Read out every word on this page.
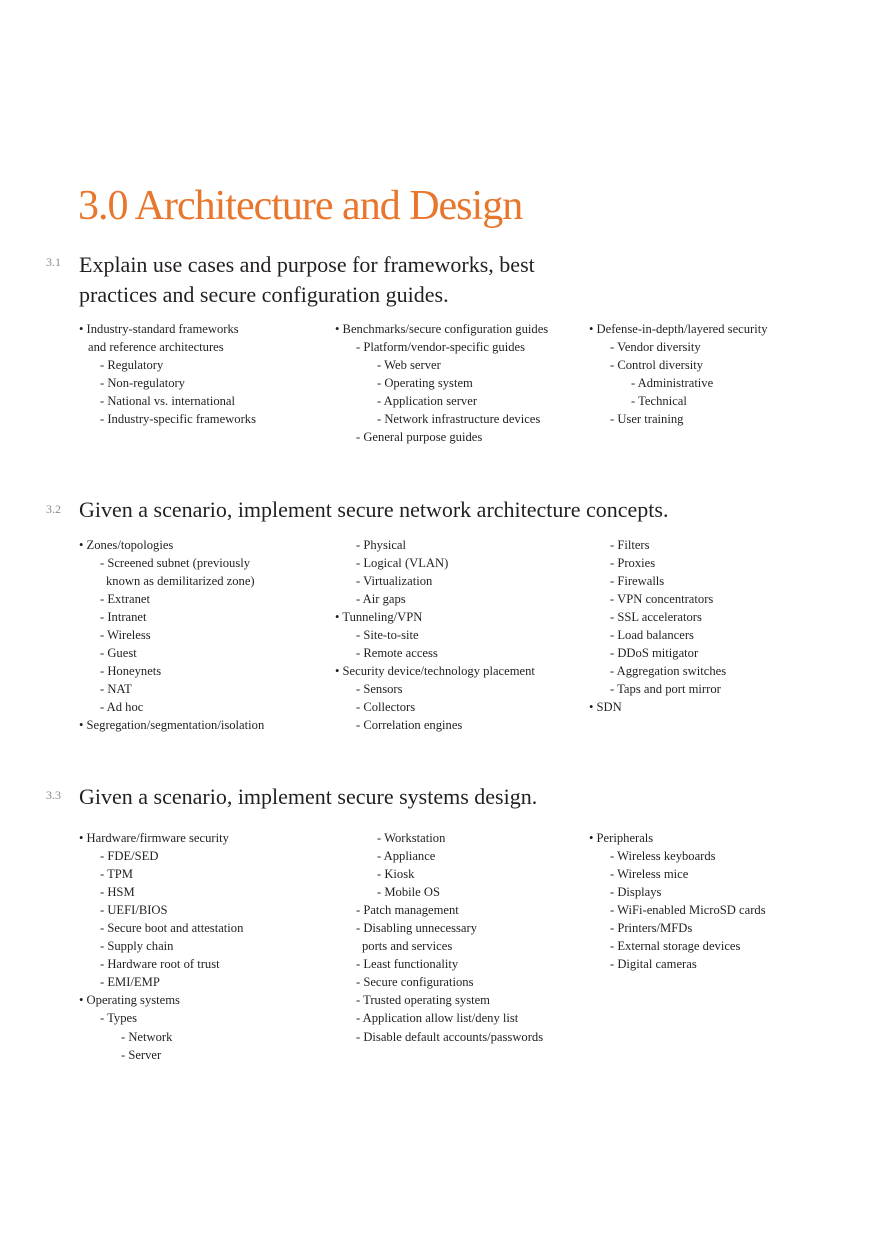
3.0 Architecture and Design
3.1 Explain use cases and purpose for frameworks, best
practices and secure configuration guides.
• Industry-standard frameworks
and reference architectures
- Regulatory
- Non-regulatory
- National vs. international
- Industry-specific frameworks
• Benchmarks/secure configuration guides
- Platform/vendor-specific guides
- Web server
- Operating system
- Application server
- Network infrastructure devices
- General purpose guides
• Defense-in-depth/layered security
- Vendor diversity
- Control diversity
- Administrative
- Technical
- User training
3.2 Given a scenario, implement secure network architecture concepts.
• Zones/topologies
- Screened subnet (previously
known as demilitarized zone)
- Extranet
- Intranet
- Wireless
- Guest
- Honeynets
- NAT
- Ad hoc
• Segregation/segmentation/isolation
- Physical
- Logical (VLAN)
- Virtualization
- Air gaps
• Tunneling/VPN
- Site-to-site
- Remote access
• Security device/technology placement
- Sensors
- Collectors
- Correlation engines
- Filters
- Proxies
- Firewalls
- VPN concentrators
- SSL accelerators
- Load balancers
- DDoS mitigator
- Aggregation switches
- Taps and port mirror
• SDN
3.3 Given a scenario, implement secure systems design.
• Hardware/firmware security
- FDE/SED
- TPM
- HSM
- UEFI/BIOS
- Secure boot and attestation
- Supply chain
- Hardware root of trust
- EMI/EMP
• Operating systems
- Types
- Network
- Server
- Workstation
- Appliance
- Kiosk
- Mobile OS
- Patch management
- Disabling unnecessary
ports and services
- Least functionality
- Secure configurations
- Trusted operating system
- Application allow list/deny list
- Disable default accounts/passwords
• Peripherals
- Wireless keyboards
- Wireless mice
- Displays
- WiFi-enabled MicroSD cards
- Printers/MFDs
- External storage devices
- Digital cameras
